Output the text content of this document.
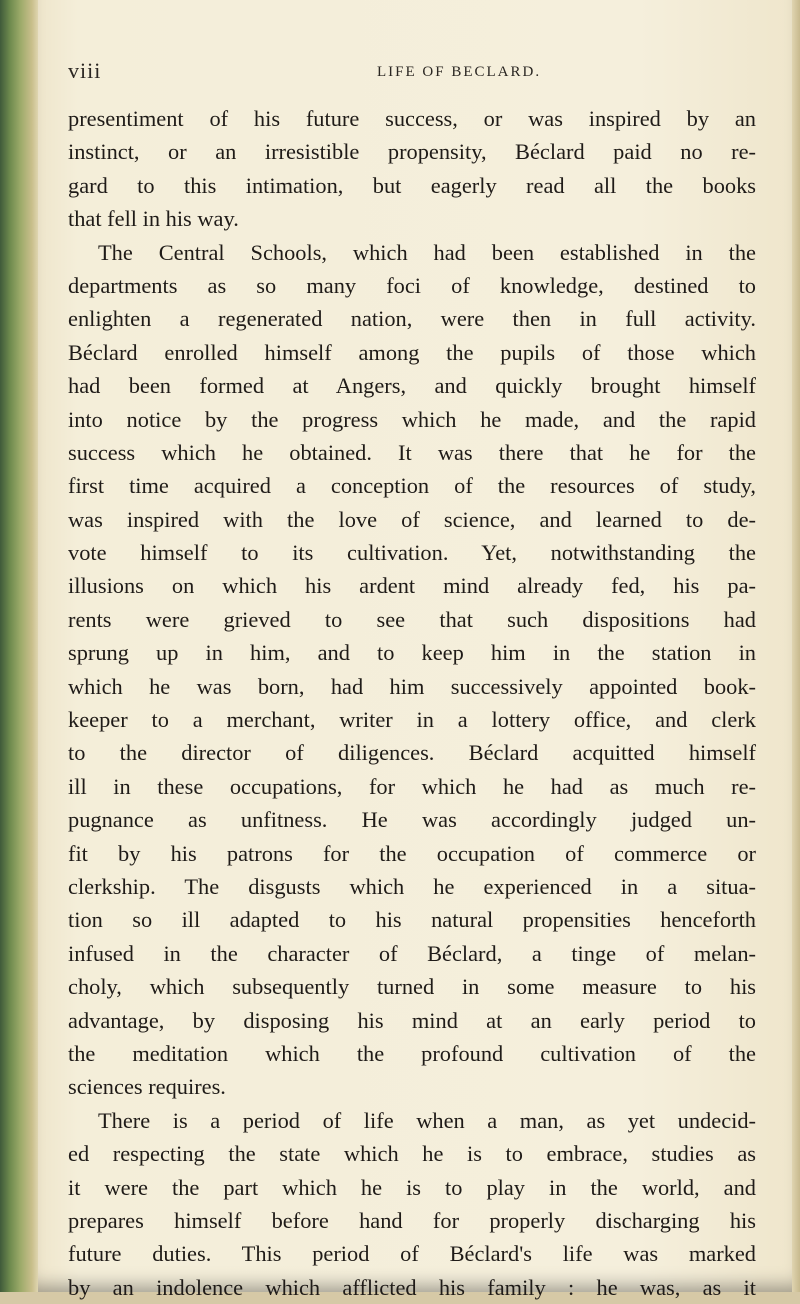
viii	LIFE OF BECLARD.
presentiment of his future success, or was inspired by an
instinct, or an irresistible propensity, Béclard paid no re-
gard to this intimation, but eagerly read all the books
that fell in his way.
The Central Schools, which had been established in the
departments as so many foci of knowledge, destined to
enlighten a regenerated nation, were then in full activity.
Béclard enrolled himself among the pupils of those which
had been formed at Angers, and quickly brought himself
into notice by the progress which he made, and the rapid
success which he obtained. It was there that he for the
first time acquired a conception of the resources of study,
was inspired with the love of science, and learned to de-
vote himself to its cultivation. Yet, notwithstanding the
illusions on which his ardent mind already fed, his pa-
rents were grieved to see that such dispositions had
sprung up in him, and to keep him in the station in
which he was born, had him successively appointed book-
keeper to a merchant, writer in a lottery office, and clerk
to the director of diligences. Béclard acquitted himself
ill in these occupations, for which he had as much re-
pugnance as unfitness. He was accordingly judged un-
fit by his patrons for the occupation of commerce or
clerkship. The disgusts which he experienced in a situa-
tion so ill adapted to his natural propensities henceforth
infused in the character of Béclard, a tinge of melan-
choly, which subsequently turned in some measure to his
advantage, by disposing his mind at an early period to
the meditation which the profound cultivation of the
sciences requires.
There is a period of life when a man, as yet undecid-
ed respecting the state which he is to embrace, studies as
it were the part which he is to play in the world, and
prepares himself before hand for properly discharging his
future duties. This period of Béclard's life was marked
by an indolence which afflicted his family : he was, as it
